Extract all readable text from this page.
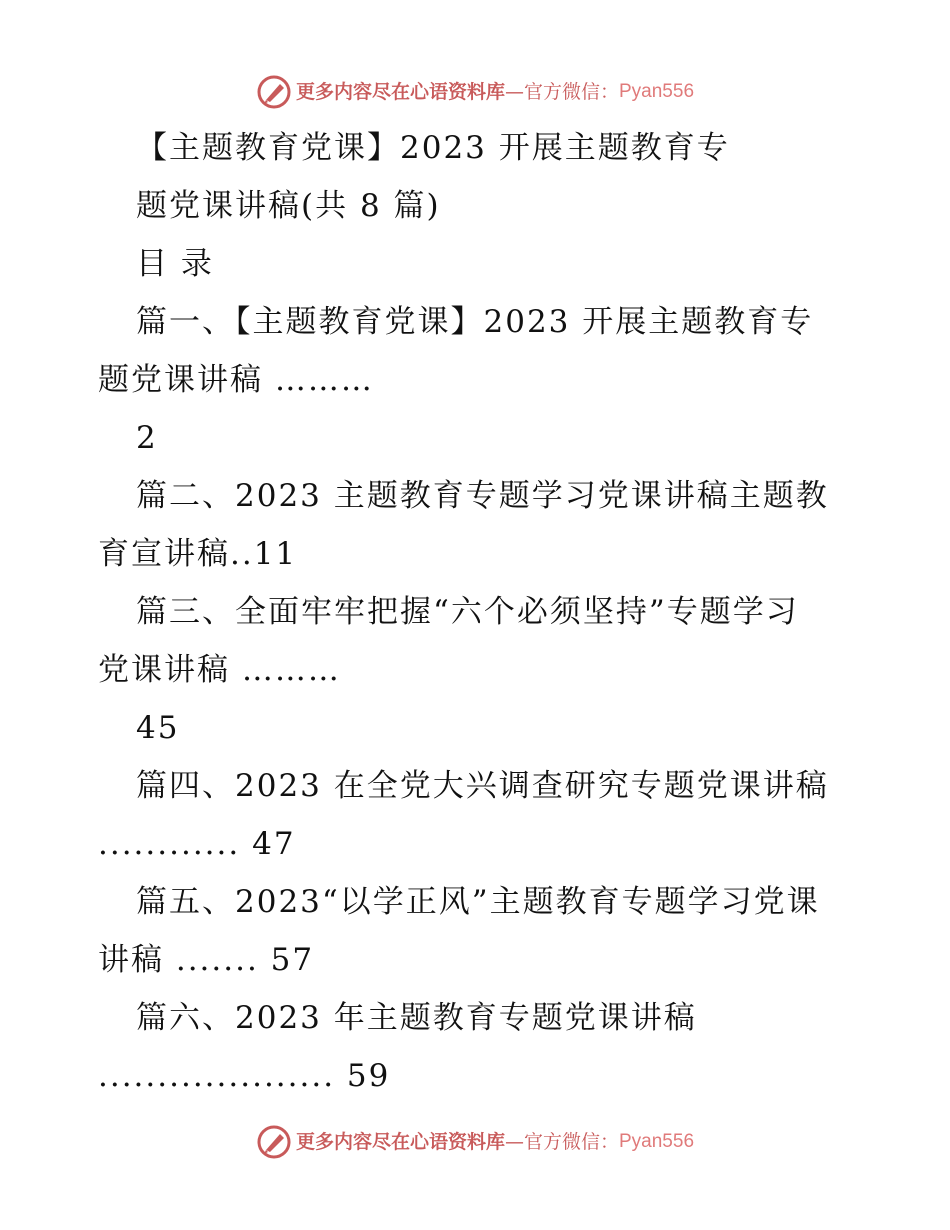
更多内容尽在心语资料库 — 官方微信： Pyan556
【主题教育党课】2023 开展主题教育专
题党课讲稿(共 8 篇)
目 录
篇一、【主题教育党课】2023 开展主题教育专
题党课讲稿 ………
2
篇二、2023 主题教育专题学习党课讲稿主题教
育宣讲稿..11
篇三、全面牢牢把握“六个必须坚持”专题学习
党课讲稿 ………
45
篇四、2023 在全党大兴调查研究专题党课讲稿
............ 47
篇五、2023“以学正风”主题教育专题学习党课
讲稿 ....... 57
篇六、2023 年主题教育专题党课讲稿
.................... 59
更多内容尽在心语资料库 — 官方微信： Pyan556
